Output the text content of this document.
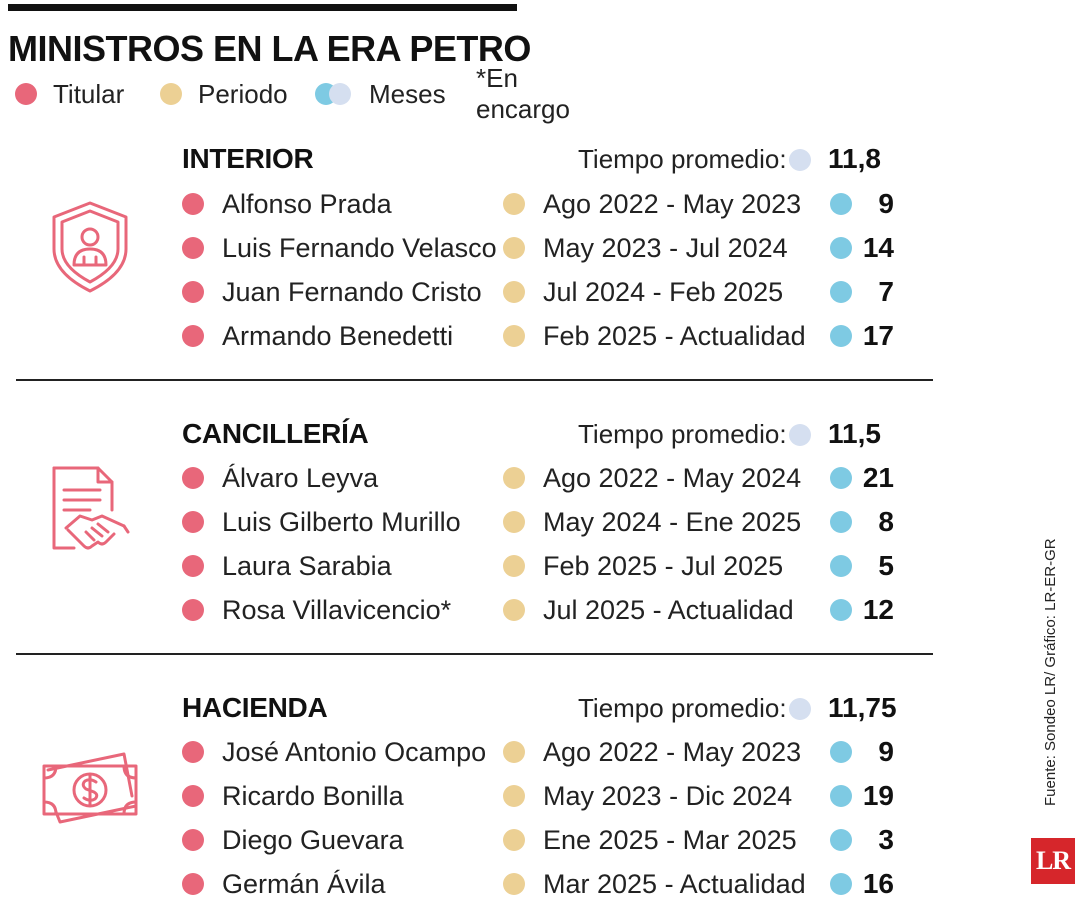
MINISTROS EN LA ERA PETRO
Titular	Periodo	Meses
*En encargo
INTERIOR	Tiempo promedio: 11,8
Alfonso Prada	Ago 2022 - May 2023	9
Luis Fernando Velasco May 2023 - Jul 2024	14
Juan Fernando Cristo Jul 2024 - Feb 2025	7
Armando Benedetti	Feb 2025 - Actualidad 17
CANCILLERÍA	Tiempo promedio: 11,5
Álvaro Leyva	Ago 2022 - May 2024 21
Luis Gilberto Murillo	May 2024 - Ene 2025	8
Laura Sarabia	Feb 2025 - Jul 2025	5
Rosa Villavicencio*	Jul 2025 - Actualidad 12
HACIENDA	Tiempo promedio: 11,75
José Antonio Ocampo Ago 2022 - May 2023	9
Ricardo Bonilla	May 2023 - Dic 2024	19
Diego Guevara	Ene 2025 - Mar 2025	3
Germán Ávila	Mar 2025 - Actualidad 16
Fuente: Sondeo LR/ Gráfico: LR-ER-GR
LR
